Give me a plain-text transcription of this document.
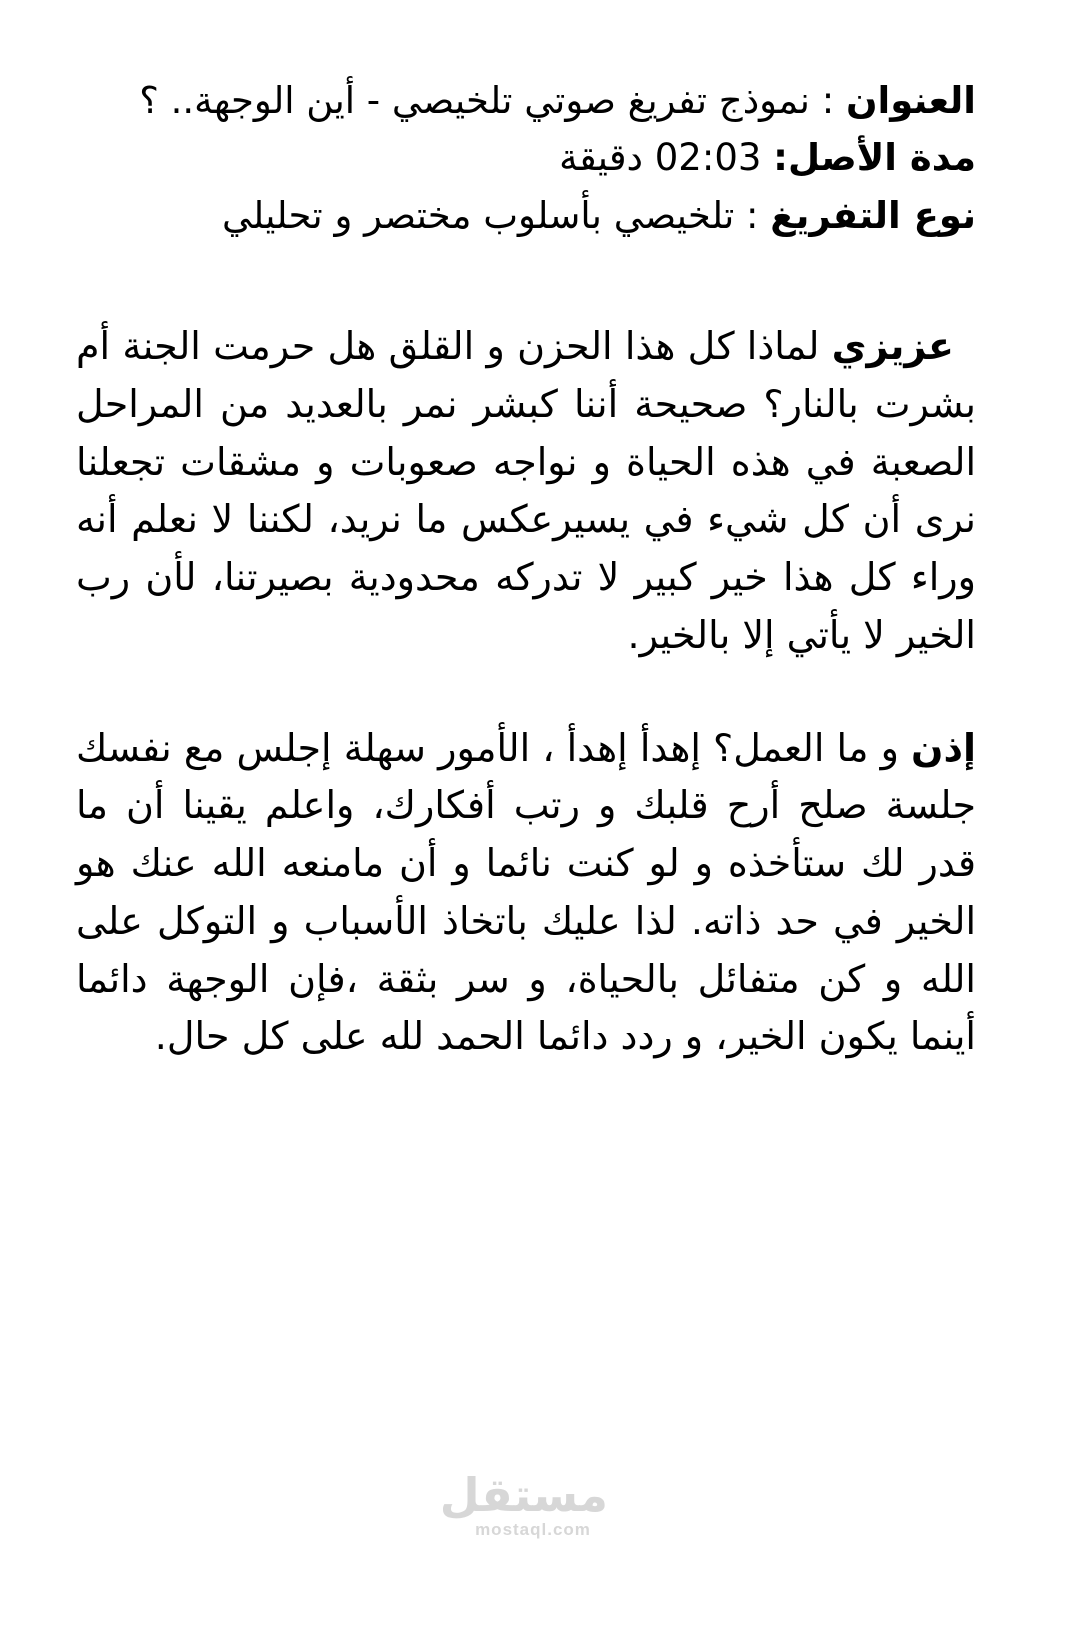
العنوان : نموذج تفريغ صوتي تلخيصي - أين الوجهة.. ؟

مدة الأصل: 02:03 دقيقة

نوع التفريغ : تلخيصي بأسلوب مختصر و تحليلي

عزيزي لماذا كل هذا الحزن و القلق هل حرمت الجنة أم بشرت بالنار؟ صحيحة أننا كبشر نمر بالعديد من المراحل الصعبة في هذه الحياة و نواجه صعوبات و مشقات تجعلنا نرى أن كل شيء في يسيرعكس ما نريد، لكننا لا نعلم أنه وراء كل هذا خير كبير لا تدركه محدودية بصيرتنا، لأن رب الخير لا يأتي إلا بالخير.

إذن و ما العمل؟ إهدأ إهدأ ، الأمور سهلة إجلس مع نفسك جلسة صلح أرح قلبك و رتب أفكارك، واعلم يقينا أن ما قدر لك ستأخذه و لو كنت نائما و أن مامنعه الله عنك هو الخير في حد ذاته. لذا عليك باتخاذ الأسباب و التوكل على الله و كن متفائل بالحياة، و سر بثقة ،فإن الوجهة دائما أينما يكون الخير، و ردد دائما الحمد لله على كل حال.

مستقل
mostaql.com
